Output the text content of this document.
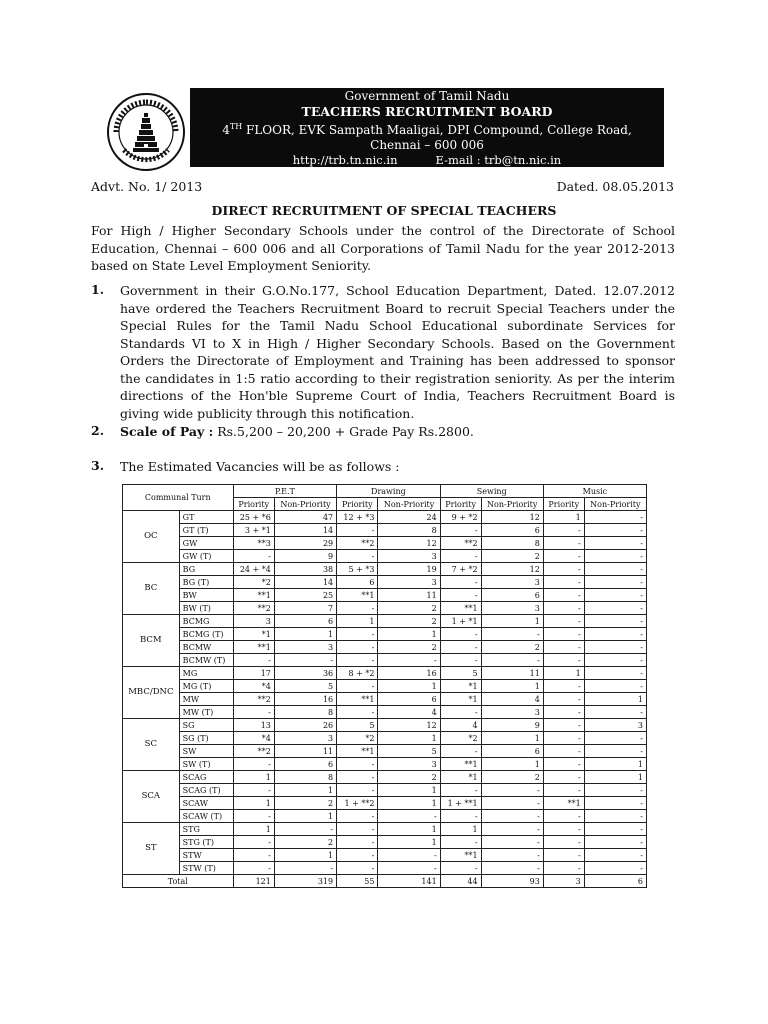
Government of Tamil Nadu
TEACHERS RECRUITMENT BOARD
4TH FLOOR, EVK Sampath Maaligai, DPI Compound, College Road,
Chennai – 600 006
http://trb.tn.nic.in	E-mail : trb@tn.nic.in
Advt. No. 1/ 2013	Dated. 08.05.2013
DIRECT RECRUITMENT OF SPECIAL TEACHERS
For High / Higher Secondary Schools under the control of the Directorate of School Education, Chennai – 600 006 and all Corporations of Tamil Nadu for the year 2012-2013 based on State Level Employment Seniority.
1. Government in their G.O.No.177, School Education Department, Dated. 12.07.2012 have ordered the Teachers Recruitment Board to recruit Special Teachers under the Special Rules for the Tamil Nadu School Educational subordinate Services for Standards VI to X in High / Higher Secondary Schools. Based on the Government Orders the Directorate of Employment and Training has been addressed to sponsor the candidates in 1:5 ratio according to their registration seniority. As per the interim directions of the Hon'ble Supreme Court of India, Teachers Recruitment Board is giving wide publicity through this notification.
2. Scale of Pay : Rs.5,200 – 20,200 + Grade Pay Rs.2800.
3. The Estimated Vacancies will be as follows :
Communal Turn		P.E.T		Drawing		Sewing		Music	
		Priority	Non-Priority	Priority	Non-Priority	Priority	Non-Priority	Priority	Non-Priority
OC	GT	25 + *6	47	12 + *3	24	9 + *2	12	1	-
	GT (T)	3 + *1	14	-	8	-	6	-	-
	GW	**3	29	**2	12	**2	8	-	-
	GW (T)	-	9	-	3	-	2	-	-
BC	BG	24 + *4	38	5 + *3	19	7 + *2	12	-	-
	BG (T)	*2	14	6	3	-	3	-	-
	BW	**1	25	**1	11	-	6	-	-
	BW (T)	**2	7	-	2	**1	3	-	-
BCM	BCMG	3	6	1	2	1 + *1	1	-	-
	BCMG (T)	*1	1	-	1	-	-	-	-
	BCMW	**1	3	-	2	-	2	-	-
	BCMW (T)	-	-	-	-	-	-	-	-
MBC/DNC	MG	17	36	8 + *2	16	5	11	1	-
	MG (T)	*4	5	-	1	*1	1	-	-
	MW	**2	16	**1	6	*1	4	-	1
	MW (T)	-	8	-	4	-	3	-	-
SC	SG	13	26	5	12	4	9	-	3
	SG (T)	*4	3	*2	1	*2	1	-	-
	SW	**2	11	**1	5	-	6	-	-
	SW (T)	-	6	-	3	**1	1	-	1
SCA	SCAG	1	8	-	2	*1	2	-	1
	SCAG (T)	-	1	-	1	-	-	-	-
	SCAW	1	2	1 + **2	1	1 + **1	-	**1	-
	SCAW (T)	-	1	-	-	-	-	-	-
ST	STG	1	-	-	1	1	-	-	-
	STG (T)	-	2	-	1	-	-	-	-
	STW	-	1	-	-	**1	-	-	-
	STW (T)	-	-	-	-	-	-	-	-
Total		121	319	55	141	44	93	3	6
